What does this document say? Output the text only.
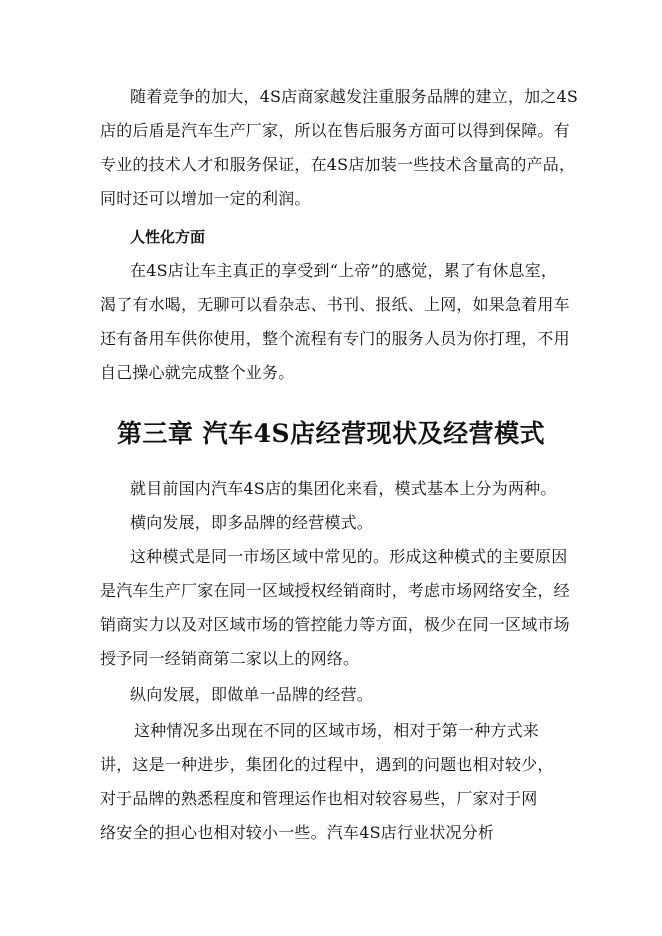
随着竞争的加大，4S店商家越发注重服务品牌的建立，加之4S
店的后盾是汽车生产厂家，所以在售后服务方面可以得到保障。有
专业的技术人才和服务保证，在4S店加装一些技术含量高的产品，
同时还可以增加一定的利润。
人性化方面
在4S店让车主真正的享受到“上帝”的感觉，累了有休息室，
渴了有水喝，无聊可以看杂志、书刊、报纸、上网，如果急着用车
还有备用车供你使用，整个流程有专门的服务人员为你打理，不用
自己操心就完成整个业务。
第三章 汽车4S店经营现状及经营模式
就目前国内汽车4S店的集团化来看，模式基本上分为两种。
横向发展，即多品牌的经营模式。
这种模式是同一市场区域中常见的。形成这种模式的主要原因
是汽车生产厂家在同一区域授权经销商时，考虑市场网络安全，经
销商实力以及对区域市场的管控能力等方面，极少在同一区域市场
授予同一经销商第二家以上的网络。
纵向发展，即做单一品牌的经营。
这种情况多出现在不同的区域市场，相对于第一种方式来
讲，这是一种进步，集团化的过程中，遇到的问题也相对较少，
对于品牌的熟悉程度和管理运作也相对较容易些，厂家对于网
络安全的担心也相对较小一些。汽车4S店行业状况分析
